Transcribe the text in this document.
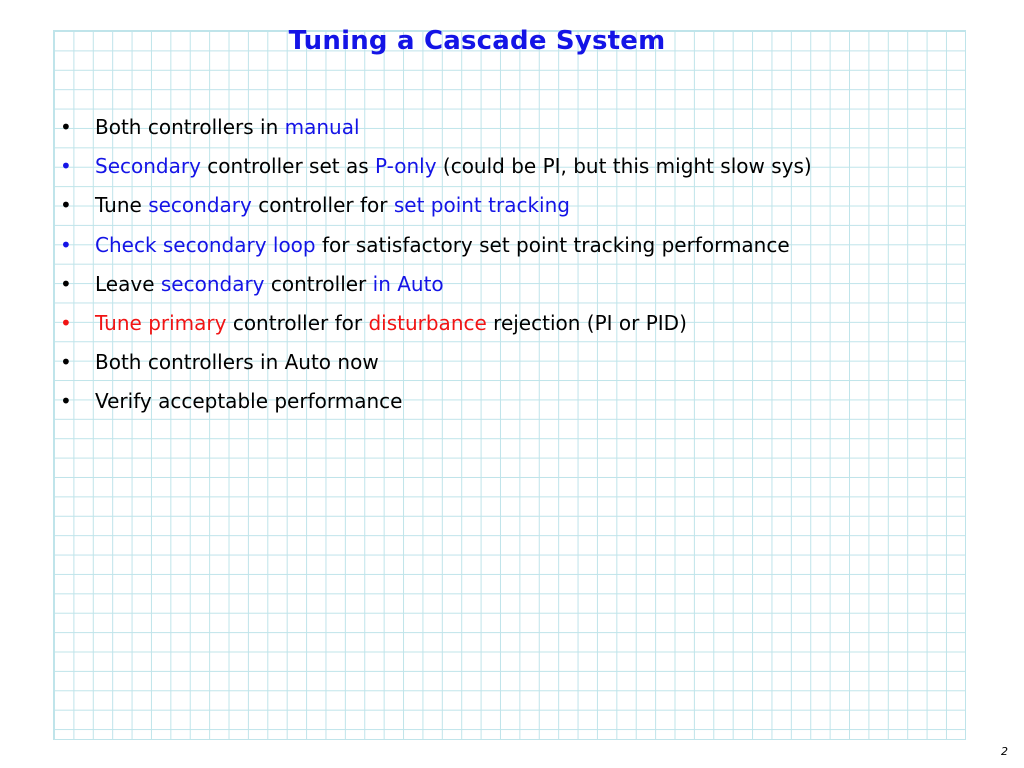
Tuning a Cascade System
• Both controllers in manual
• Secondary controller set as P-only (could be PI, but this might slow sys)
• Tune secondary controller for set point tracking
• Check secondary loop for satisfactory set point tracking performance
• Leave secondary controller in Auto
• Tune primary controller for disturbance rejection (PI or PID)
• Both controllers in Auto now
• Verify acceptable performance
2
